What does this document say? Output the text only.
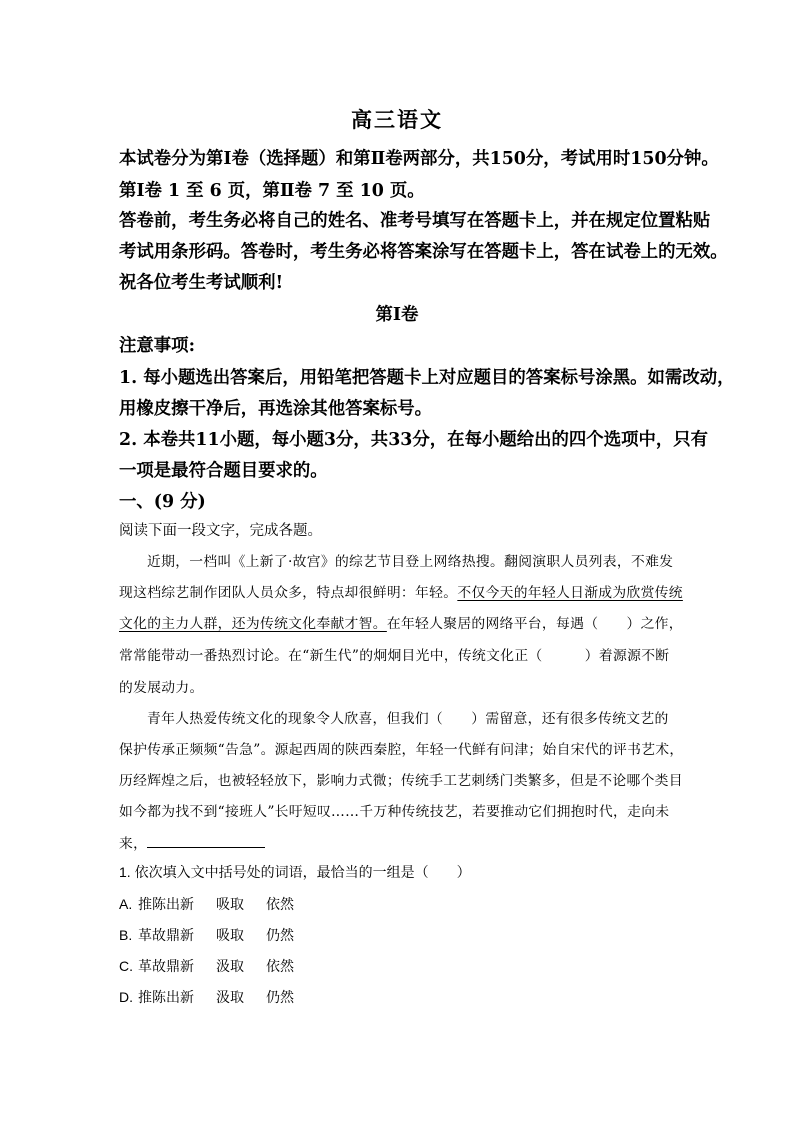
高三语文
本试卷分为第Ⅰ卷（选择题）和第Ⅱ卷两部分，共150分，考试用时150分钟。
第Ⅰ卷 1 至 6 页，第Ⅱ卷 7 至 10 页。
答卷前，考生务必将自己的姓名、准考号填写在答题卡上，并在规定位置粘贴
考试用条形码。答卷时，考生务必将答案涂写在答题卡上，答在试卷上的无效。
祝各位考生考试顺利!
第Ⅰ卷
注意事项:
1. 每小题选出答案后，用铅笔把答题卡上对应题目的答案标号涂黑。如需改动，
用橡皮擦干净后，再选涂其他答案标号。
2. 本卷共11小题，每小题3分，共33分，在每小题给出的四个选项中，只有
一项是最符合题目要求的。
一、(9 分)
阅读下面一段文字，完成各题。
近期，一档叫《上新了·故宫》的综艺节目登上网络热搜。翻阅演职人员列表，不难发
现这档综艺制作团队人员众多，特点却很鲜明：年轻。不仅今天的年轻人日渐成为欣赏传统
文化的主力人群，还为传统文化奉献才智。在年轻人聚居的网络平台，每遇（　　）之作，
常常能带动一番热烈讨论。在“新生代”的炯炯目光中，传统文化正（　　　）着源源不断
的发展动力。
青年人热爱传统文化的现象令人欣喜，但我们（　　）需留意，还有很多传统文艺的
保护传承正频频“告急”。源起西周的陕西秦腔，年轻一代鲜有问津；始自宋代的评书艺术，
历经辉煌之后，也被轻轻放下，影响力式微；传统手工艺刺绣门类繁多，但是不论哪个类目
如今都为找不到“接班人”长吁短叹……千万种传统技艺，若要推动它们拥抱时代，走向未
来，
1. 依次填入文中括号处的词语，最恰当的一组是（　　）
A. 推陈出新 吸取 依然
B. 革故鼎新 吸取 仍然
C. 革故鼎新 汲取 依然
D. 推陈出新 汲取 仍然
